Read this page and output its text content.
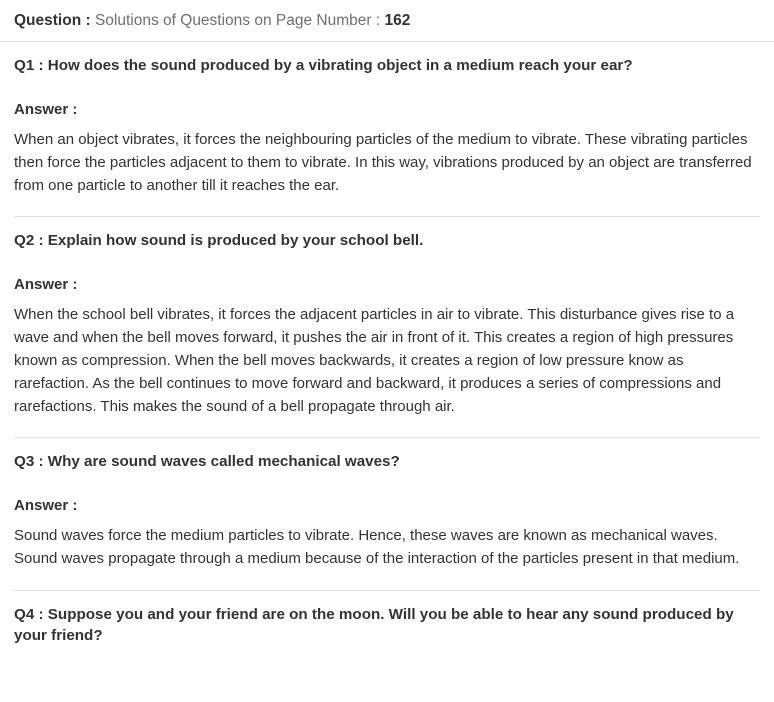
Question : Solutions of Questions on Page Number : 162
Q1 : How does the sound produced by a vibrating object in a medium reach your ear?
Answer :
When an object vibrates, it forces the neighbouring particles of the medium to vibrate. These vibrating particles then force the particles adjacent to them to vibrate. In this way, vibrations produced by an object are transferred from one particle to another till it reaches the ear.
Q2 : Explain how sound is produced by your school bell.
Answer :
When the school bell vibrates, it forces the adjacent particles in air to vibrate. This disturbance gives rise to a wave and when the bell moves forward, it pushes the air in front of it. This creates a region of high pressures known as compression. When the bell moves backwards, it creates a region of low pressure know as rarefaction. As the bell continues to move forward and backward, it produces a series of compressions and rarefactions. This makes the sound of a bell propagate through air.
Q3 : Why are sound waves called mechanical waves?
Answer :
Sound waves force the medium particles to vibrate. Hence, these waves are known as mechanical waves. Sound waves propagate through a medium because of the interaction of the particles present in that medium.
Q4 : Suppose you and your friend are on the moon. Will you be able to hear any sound produced by your friend?
